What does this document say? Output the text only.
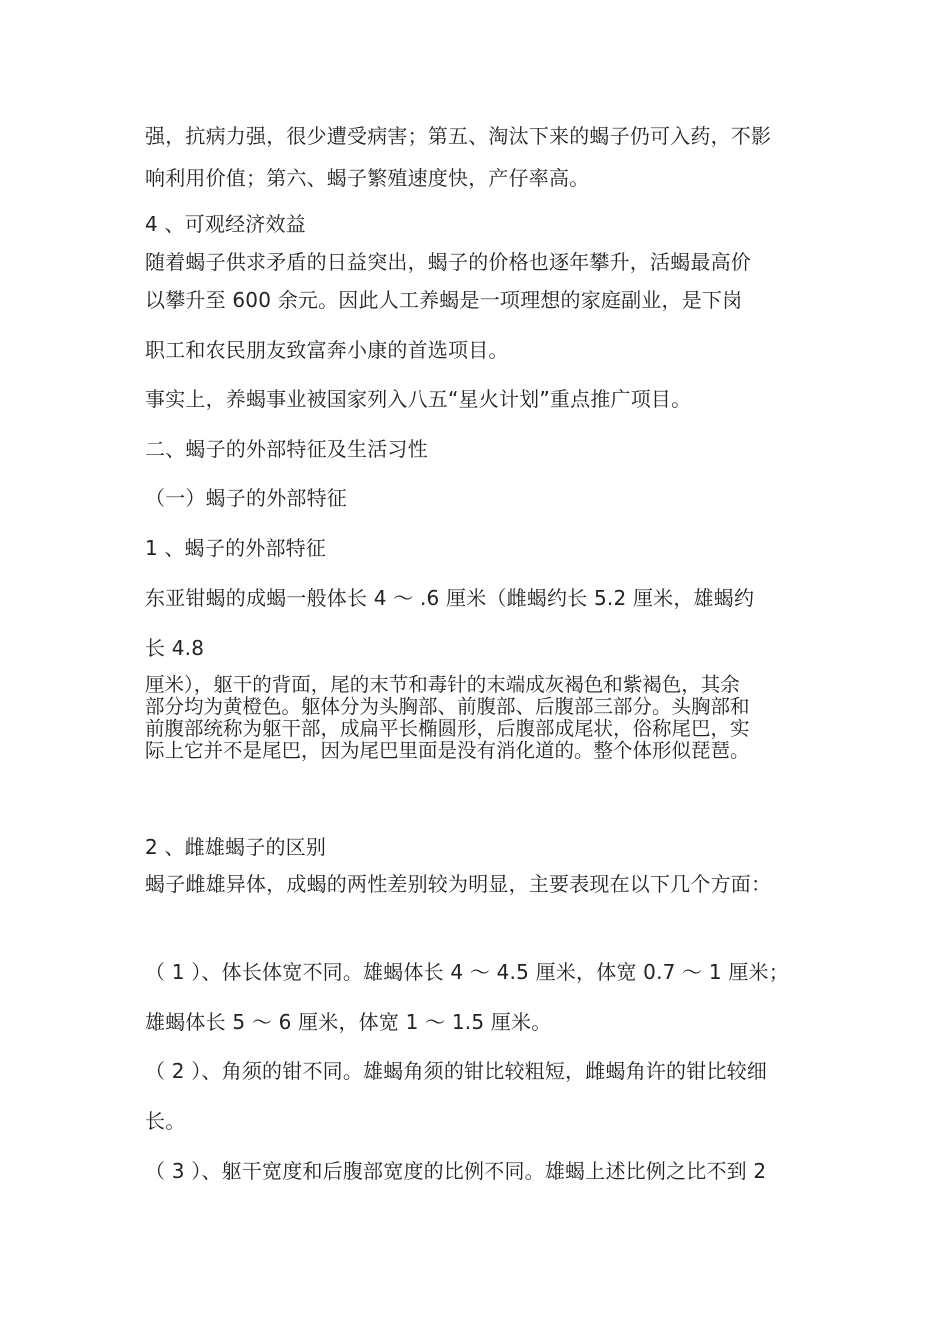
强，抗病力强，很少遭受病害；第五、淘汰下来的蝎子仍可入药，不影

响利用价值；第六、蝎子繁殖速度快，产仔率高。

4 、可观经济效益

随着蝎子供求矛盾的日益突出，蝎子的价格也逐年攀升，活蝎最高价

以攀升至 600 余元。因此人工养蝎是一项理想的家庭副业，是下岗

职工和农民朋友致富奔小康的首选项目。

事实上，养蝎事业被国家列入八五“星火计划”重点推广项目。

二、蝎子的外部特征及生活习性

（一）蝎子的外部特征

1 、蝎子的外部特征

东亚钳蝎的成蝎一般体长 4 ～ .6 厘米（雌蝎约长 5.2 厘米，雄蝎约

长 4.8

厘米），躯干的背面，尾的末节和毒针的末端成灰褐色和紫褐色，其余
部分均为黄橙色。躯体分为头胸部、前腹部、后腹部三部分。头胸部和
前腹部统称为躯干部，成扁平长椭圆形，后腹部成尾状，俗称尾巴，实
际上它并不是尾巴，因为尾巴里面是没有消化道的。整个体形似琵琶。

2 、雌雄蝎子的区别

蝎子雌雄异体，成蝎的两性差别较为明显，主要表现在以下几个方面：

（ 1 ）、体长体宽不同。雄蝎体长 4 ～ 4.5 厘米，体宽 0.7 ～ 1 厘米；

雄蝎体长 5 ～ 6 厘米，体宽 1 ～ 1.5 厘米。

（ 2 ）、角须的钳不同。雄蝎角须的钳比较粗短，雌蝎角许的钳比较细

长。

（ 3 ）、躯干宽度和后腹部宽度的比例不同。雄蝎上述比例之比不到 2
